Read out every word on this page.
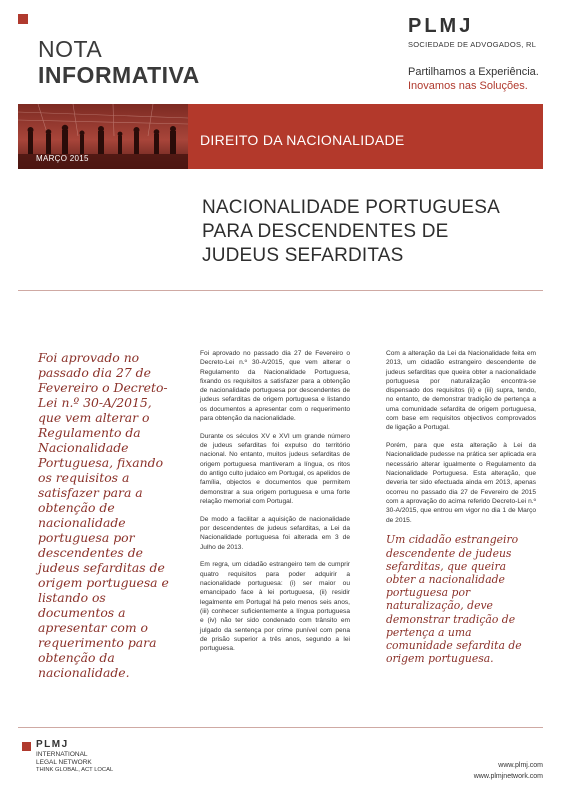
NOTA
INFORMATIVA
PLMJ
SOCIEDADE DE ADVOGADOS, RL
Partilhamos a Experiência.
Inovamos nas Soluções.
MARÇO 2015
DIREITO DA NACIONALIDADE
NACIONALIDADE PORTUGUESA
PARA DESCENDENTES DE
JUDEUS SEFARDITAS
Foi aprovado no passado dia 27 de Fevereiro o Decreto-Lei n.º 30-A/2015, que vem alterar o Regulamento da Nacionalidade Portuguesa, fixando os requisitos a satisfazer para a obtenção de nacionalidade portuguesa por descendentes de judeus sefarditas de origem portuguesa e listando os documentos a apresentar com o requerimento para obtenção da nacionalidade.

Foi aprovado no passado dia 27 de Fevereiro o Decreto-Lei n.º 30-A/2015, que vem alterar o Regulamento da Nacionalidade Portuguesa, fixando os requisitos a satisfazer para a obtenção de nacionalidade portuguesa por descendentes de judeus sefarditas de origem portuguesa e listando os documentos a apresentar com o requerimento para obtenção da nacionalidade.

Durante os séculos XV e XVI um grande número de judeus sefarditas foi expulso do território nacional. No entanto, muitos judeus sefarditas de origem portuguesa mantiveram a língua, os ritos do antigo culto judaico em Portugal, os apelidos de família, objectos e documentos que permitem demonstrar a sua origem portuguesa e uma forte relação memorial com Portugal.

De modo a facilitar a aquisição de nacionalidade por descendentes de judeus sefarditas, a Lei da Nacionalidade portuguesa foi alterada em 3 de Julho de 2013.

Em regra, um cidadão estrangeiro tem de cumprir quatro requisitos para poder adquirir a nacionalidade portuguesa: (i) ser maior ou emancipado face à lei portuguesa, (ii) residir legalmente em Portugal há pelo menos seis anos, (iii) conhecer suficientemente a língua portuguesa e (iv) não ter sido condenado com trânsito em julgado da sentença por crime punível com pena de prisão superior a três anos, segundo a lei portuguesa.

Com a alteração da Lei da Nacionalidade feita em 2013, um cidadão estrangeiro descendente de judeus sefarditas que queira obter a nacionalidade portuguesa por naturalização encontra-se dispensado dos requisitos (ii) e (iii) supra, tendo, no entanto, de demonstrar tradição de pertença a uma comunidade sefardita de origem portuguesa, com base em requisitos objectivos comprovados de ligação a Portugal.

Porém, para que esta alteração à Lei da Nacionalidade pudesse na prática ser aplicada era necessário alterar igualmente o Regulamento da Nacionalidade Portuguesa. Esta alteração, que deveria ter sido efectuada ainda em 2013, apenas ocorreu no passado dia 27 de Fevereiro de 2015 com a aprovação do acima referido Decreto-Lei n.º 30-A/2015, que entrou em vigor no dia 1 de Março de 2015.

Um cidadão estrangeiro descendente de judeus sefarditas, que queira obter a nacionalidade portuguesa por naturalização, deve demonstrar tradição de pertença a uma comunidade sefardita de origem portuguesa.
PLMJ
INTERNATIONAL
LEGAL NETWORK
THINK GLOBAL, ACT LOCAL
www.plmj.com
www.plmjnetwork.com
